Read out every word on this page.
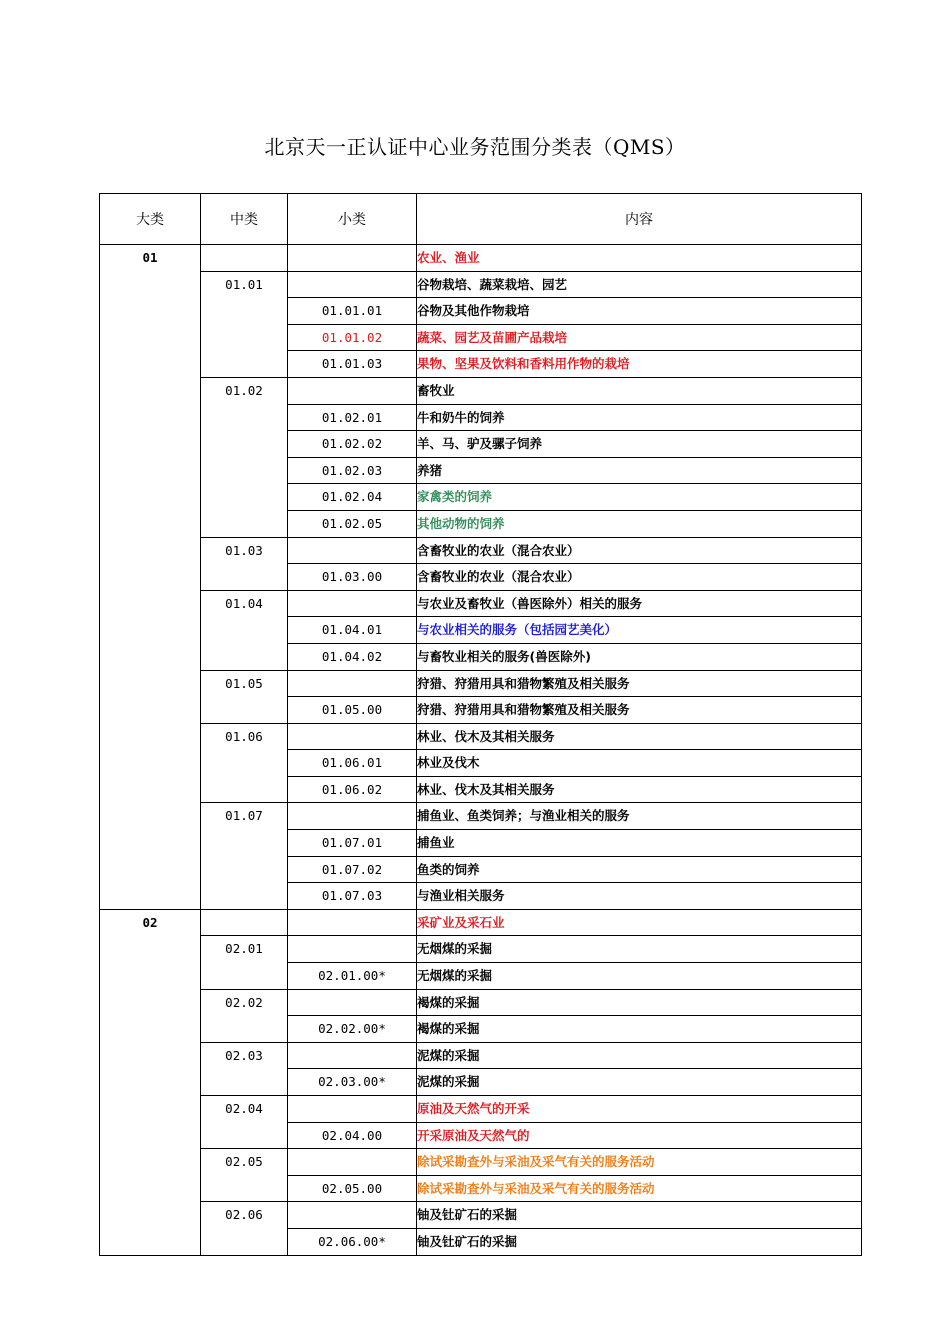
北京天一正认证中心业务范围分类表（QMS）
大类	中类	小类	内容
01			农业、渔业
	01.01		谷物栽培、蔬菜栽培、园艺
		01.01.01	谷物及其他作物栽培
		01.01.02	蔬菜、园艺及苗圃产品栽培
		01.01.03	果物、坚果及饮料和香料用作物的栽培
	01.02		畜牧业
		01.02.01	牛和奶牛的饲养
		01.02.02	羊、马、驴及骡子饲养
		01.02.03	养猪
		01.02.04	家禽类的饲养
		01.02.05	其他动物的饲养
	01.03		含畜牧业的农业（混合农业）
		01.03.00	含畜牧业的农业（混合农业）
	01.04		与农业及畜牧业（兽医除外）相关的服务
		01.04.01	与农业相关的服务（包括园艺美化）
		01.04.02	与畜牧业相关的服务(兽医除外)
	01.05		狩猎、狩猎用具和猎物繁殖及相关服务
		01.05.00	狩猎、狩猎用具和猎物繁殖及相关服务
	01.06		林业、伐木及其相关服务
		01.06.01	林业及伐木
		01.06.02	林业、伐木及其相关服务
	01.07		捕鱼业、鱼类饲养；与渔业相关的服务
		01.07.01	捕鱼业
		01.07.02	鱼类的饲养
		01.07.03	与渔业相关服务
02			采矿业及采石业
	02.01		无烟煤的采掘
		02.01.00*	无烟煤的采掘
	02.02		褐煤的采掘
		02.02.00*	褐煤的采掘
	02.03		泥煤的采掘
		02.03.00*	泥煤的采掘
	02.04		原油及天然气的开采
		02.04.00	开采原油及天然气的
	02.05		除试采勘查外与采油及采气有关的服务活动
		02.05.00	除试采勘查外与采油及采气有关的服务活动
	02.06		铀及钍矿石的采掘
		02.06.00*	铀及钍矿石的采掘
